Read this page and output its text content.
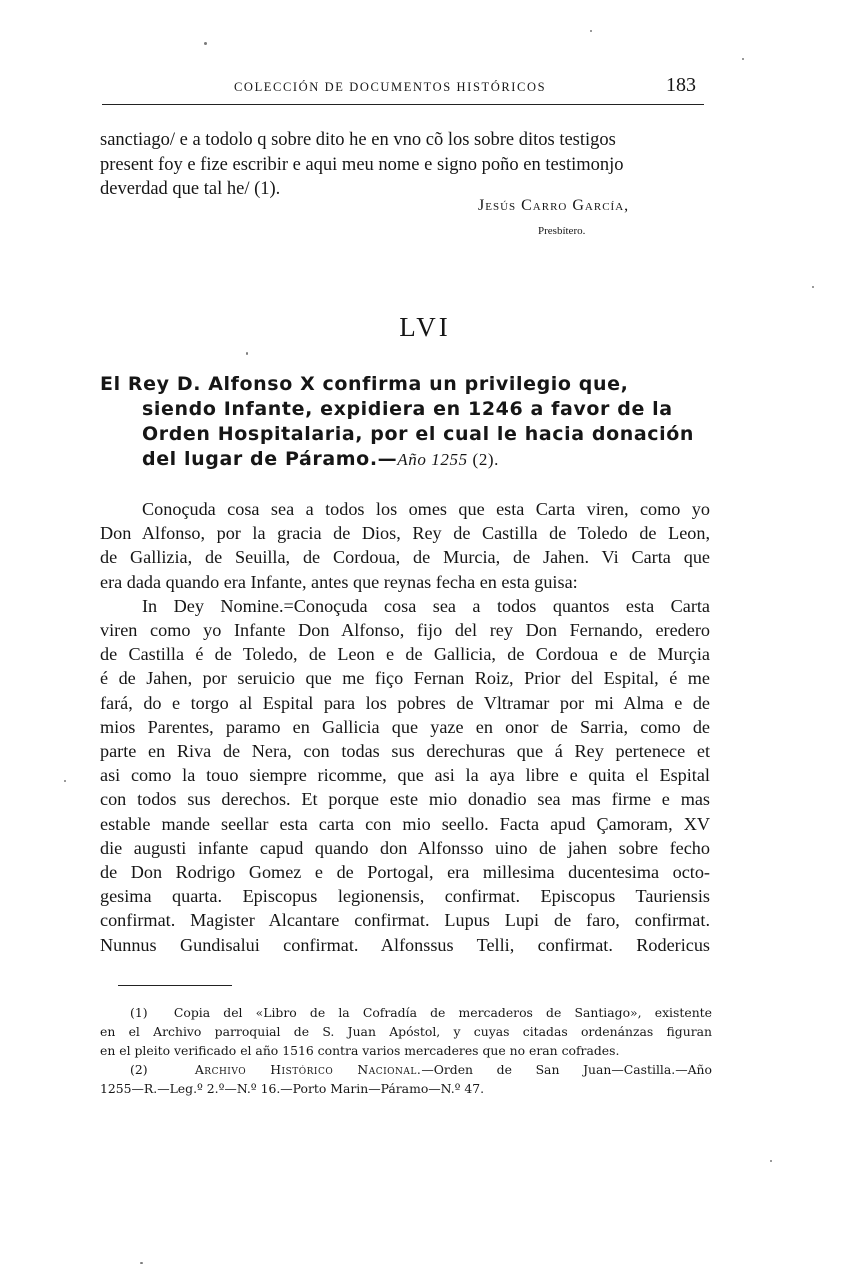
COLECCIÓN DE DOCUMENTOS HISTÓRICOS	183
sanctiago/ e a todolo q sobre dito he en vno cõ los sobre ditos testigos
present foy e fize escribir e aqui meu nome e signo poño en testimonjo
deverdad que tal he/ (1).
Jesús Carro García,
Presbítero.
LVI
El Rey D. Alfonso X confirma un privilegio que,
siendo Infante, expidiera en 1246 a favor de la
Orden Hospitalaria, por el cual le hacia donación
del lugar de Páramo.—Año 1255 (2).
Conoçuda cosa sea a todos los omes que esta Carta viren, como yo
Don Alfonso, por la gracia de Dios, Rey de Castilla de Toledo de Leon,
de Gallizia, de Seuilla, de Cordoua, de Murcia, de Jahen. Vi Carta que
era dada quando era Infante, antes que reynas fecha en esta guisa:
In Dey Nomine.=Conoçuda cosa sea a todos quantos esta Carta
viren como yo Infante Don Alfonso, fijo del rey Don Fernando, eredero
de Castilla é de Toledo, de Leon e de Gallicia, de Cordoua e de Murçia
é de Jahen, por seruicio que me fiço Fernan Roiz, Prior del Espital, é me
fará, do e torgo al Espital para los pobres de Vltramar por mi Alma e de
mios Parentes, paramo en Gallicia que yaze en onor de Sarria, como de
parte en Riva de Nera, con todas sus derechuras que á Rey pertenece et
asi como la touo siempre ricomme, que asi la aya libre e quita el Espital
con todos sus derechos. Et porque este mio donadio sea mas firme e mas
estable mande seellar esta carta con mio seello. Facta apud Çamoram, XV
die augusti infante capud quando don Alfonsso uino de jahen sobre fecho
de Don Rodrigo Gomez e de Portogal, era millesima ducentesima octo-
gesima quarta. Episcopus legionensis, confirmat. Episcopus Tauriensis
confirmat. Magister Alcantare confirmat. Lupus Lupi de faro, confirmat.
Nunnus Gundisalui confirmat. Alfonssus Telli, confirmat. Rodericus
(1) Copia del «Libro de la Cofradía de mercaderos de Santiago», existente
en el Archivo parroquial de S. Juan Apóstol, y cuyas citadas ordenánzas figuran
en el pleito verificado el año 1516 contra varios mercaderes que no eran cofrades.
(2)	Archivo Histórico Nacional.—Orden de San Juan—Castilla.—Año
1255—R.—Leg.º 2.º—N.º 16.—Porto Marin—Páramo—N.º 47.
